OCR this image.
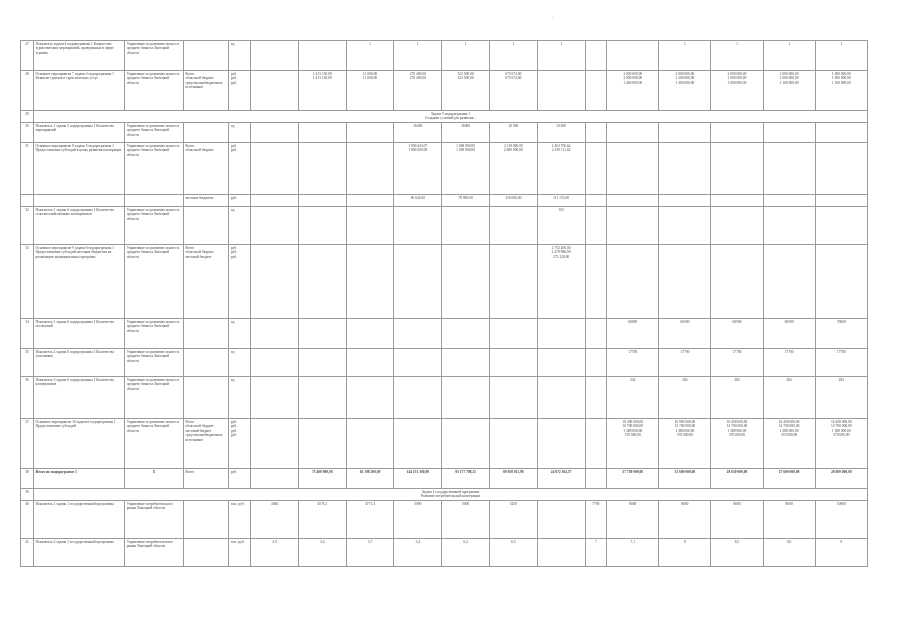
.
27	Показатель задачи 4 подпрограммы 1 Количество туристических мероприятий, проведенных в сфере туризма	Управление по развитию малого и среднего бизнеса Липецкой области		ед.			1	1	1	1	1			1	1	1	1

28	Основное мероприятие 7 задачи 4 подпрограммы 1 Развитие туризма и туристических услуг	Управление по развитию малого и среднего бизнеса Липецкой области	Всего
областной бюджет
средства внебюджетных источников	руб.
руб.
руб.		1 413 150,00
1 413 150,00	11 000,00
11 000,00	270 400,00
270 400,00	323 500,00
323 500,00	675 674,00
675 674,00			2 000 000,00
2 000 000,00
1 400 000,00	2 000 000,00
1 200 000,00
1 400 000,00	2 000 000,00
1 000 000,00
1 000 000,00	1 000 000,00
1 000 000,00
1 100 000,00	1 000 000,00
1 000 000,00
1 100 000,00

29	Задача 5 подпрограммы 1
Создание условий для развития...																

30	Показатель 1 задачи 5 подпрограммы 1 Количество мероприятий	Управление по развитию малого и среднего бизнеса Липецкой области		ед.				36400	36000	10 000	10 000						

31	Основное мероприятие 8 задачи 5 подпрограммы 1 Предоставление субсидий в целях развития кооперации	Управление по развитию малого и среднего бизнеса Липецкой области	Всего
областной бюджет	руб.
руб.				1 956 643,07
1 800 000,00	1 568 900,00
1 500 000,00	2 118 000,00
2 000 000,00	2 463 706,62
2 339 111,62						

			местные бюджеты	руб.				96 642,00	78 900,00	118 000,00	111 155,00						

32	Показатель 1 задачи 6 подпрограммы 1 Количество сельскохозяйственных кооперативов	Управление по развитию малого и среднего бизнеса Липецкой области		ед.							103						

33	Основное мероприятие 9 задачи 6 подпрограммы 1 Предоставление субсидий местным бюджетам на реализацию муниципальных программ	Управление по развитию малого и среднего бизнеса Липецкой области	Всего
областной бюджет
местный бюджет	руб.
руб.
руб.							2 752 200,00
2 479 980,00
272 220,00						

34	Показатель 1 задачи 6 подпрограммы 1 Количество посещений	Управление по развитию малого и среднего бизнеса Липецкой области		ед.									60000	60500	60500	60500	70000

35	Показатель 2 задачи 6 подпрограммы 1 Количество участников	Управление по развитию малого и среднего бизнеса Липецкой области		ед.									17700	17700	17700	17700	17700

36	Показатель 3 задачи 6 подпрограммы 1 Количество кооперативов	Управление по развитию малого и среднего бизнеса Липецкой области		ед.									242	282	282	282	282

37	Основное мероприятие 10 задачи 6 подпрограммы 1 Предоставление субсидий	Управление по развитию малого и среднего бизнеса Липецкой области	Всего
областной бюджет
местный бюджет
средства внебюджетных источников	руб.
руб.
руб.
руб.									18 458 000,00
16 700 000,00
1 388 000,00
370 000,00	16 990 000,00
15 700 000,00
1 388 000,00
370 000,00	16 458 000,00
14 700 000,00
1 388 000,00
370 000,00	16 458 000,00
14 700 000,00
1 388 000,00
370 000,00	16 458 000,00
14 700 000,00
1 388 000,00
370 000,00

38	Итого по подпрограмме 1	X	Всего	руб.		75 400 900,00	65 198 200,00	144 151 300,00	93 177 708,21	89 058 811,99	24 872 504,57		57 750 000,00	55 600 000,00	28 630 000,00	27 600 000,00	28 600 000,00

39	Задача 1 государственной программы
Развитие потребительской кооперации																

40	Показатель 1 задачи 1 государственной программы	Управление потребительского рынка Липецкой области		тыс. руб.	4366	4576,1	4771,4	5090	5000	5250		7700	8000	8000	8000	8000	10000

41	Показатель 2 задачи 1 государственной программы	Управление потребительского рынка Липецкой области		тыс. руб.	2,9	3,4	3,7	5,4	6,2	6,5		7	7,1	8	8,5	9,0	9
